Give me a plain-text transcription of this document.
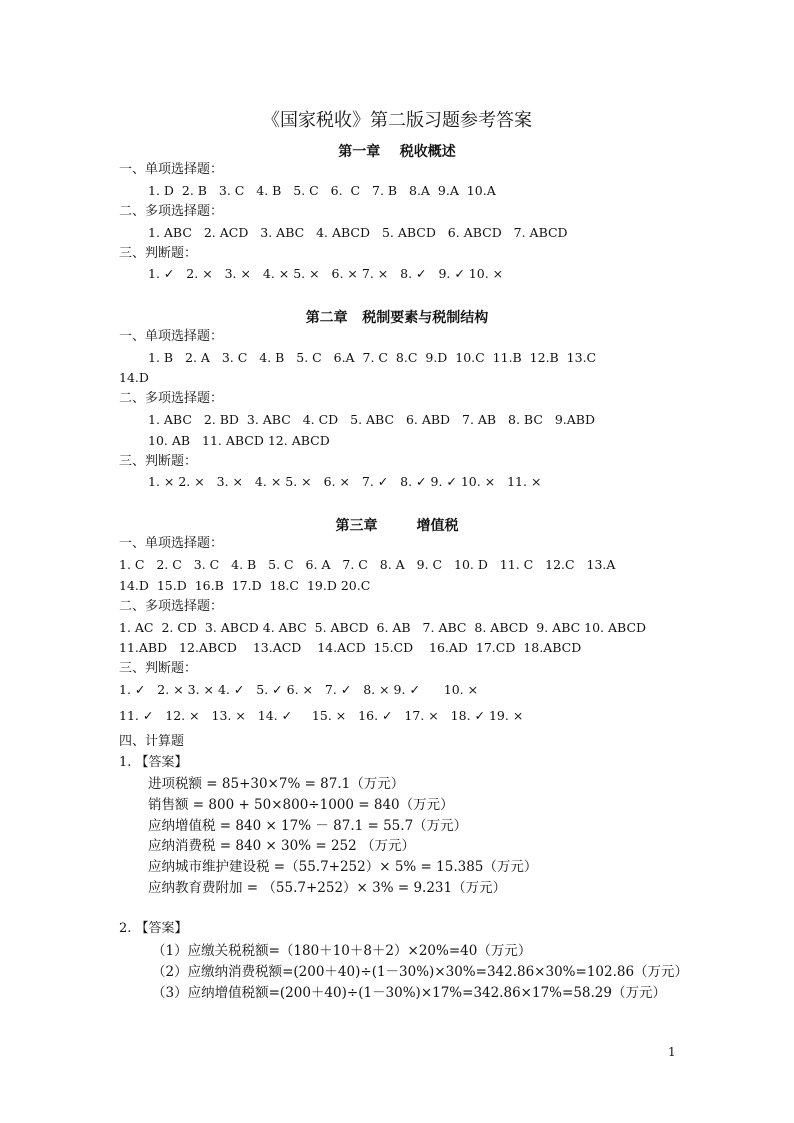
《国家税收》第二版习题参考答案
第一章    税收概述
一、单项选择题：
1. D  2. B   3. C   4. B   5. C   6.  C   7. B   8.A  9.A  10.A
二、多项选择题：
1. ABC   2. ACD   3. ABC   4. ABCD   5. ABCD   6. ABCD   7. ABCD
三、判断题：
1. ✓   2. ×   3. ×   4. × 5. ×   6. × 7. ×   8. ✓   9. ✓ 10. ×
第二章   税制要素与税制结构
一、单项选择题：
1. B   2. A   3. C   4. B   5. C   6.A  7. C  8.C  9.D  10.C  11.B  12.B  13.C
14.D
二、多项选择题：
1. ABC   2. BD  3. ABC   4. CD   5. ABC   6. ABD   7. AB   8. BC   9.ABD
10. AB   11. ABCD 12. ABCD
三、判断题：
1. × 2. ×   3. ×   4. × 5. ×   6. ×   7. ✓   8. ✓ 9. ✓ 10. ×   11. ×
第三章        增值税
一、单项选择题：
1. C   2. C   3. C   4. B   5. C   6. A   7. C   8. A   9. C   10. D   11. C   12.C   13.A
14.D  15.D  16.B  17.D  18.C  19.D 20.C
二、多项选择题：
1. AC  2. CD  3. ABCD 4. ABC  5. ABCD  6. AB   7. ABC  8. ABCD  9. ABC 10. ABCD
11.ABD   12.ABCD    13.ACD    14.ACD  15.CD    16.AD  17.CD  18.ABCD
三、判断题：
1. ✓   2. × 3. × 4. ✓   5. ✓ 6. ×   7. ✓   8. × 9. ✓      10. ×
11. ✓   12. ×   13. ×   14. ✓     15. ×   16. ✓   17. ×   18. ✓ 19. ×
四、计算题
1. 【答案】
进项税额 = 85+30×7% = 87.1（万元）
销售额 = 800 + 50×800÷1000 = 840（万元）
应纳增值税 = 840 × 17% － 87.1 = 55.7（万元）
应纳消费税 = 840 × 30% = 252 （万元）
应纳城市维护建设税 =（55.7+252）× 5% = 15.385（万元）
应纳教育费附加 = （55.7+252）× 3% = 9.231（万元）
2. 【答案】
（1）应缴关税税额=（180＋10＋8＋2）×20%=40（万元）
（2）应缴纳消费税额=(200＋40)÷(1－30%)×30%=342.86×30%=102.86（万元）
（3）应纳增值税额=(200＋40)÷(1－30%)×17%=342.86×17%=58.29（万元）
1
